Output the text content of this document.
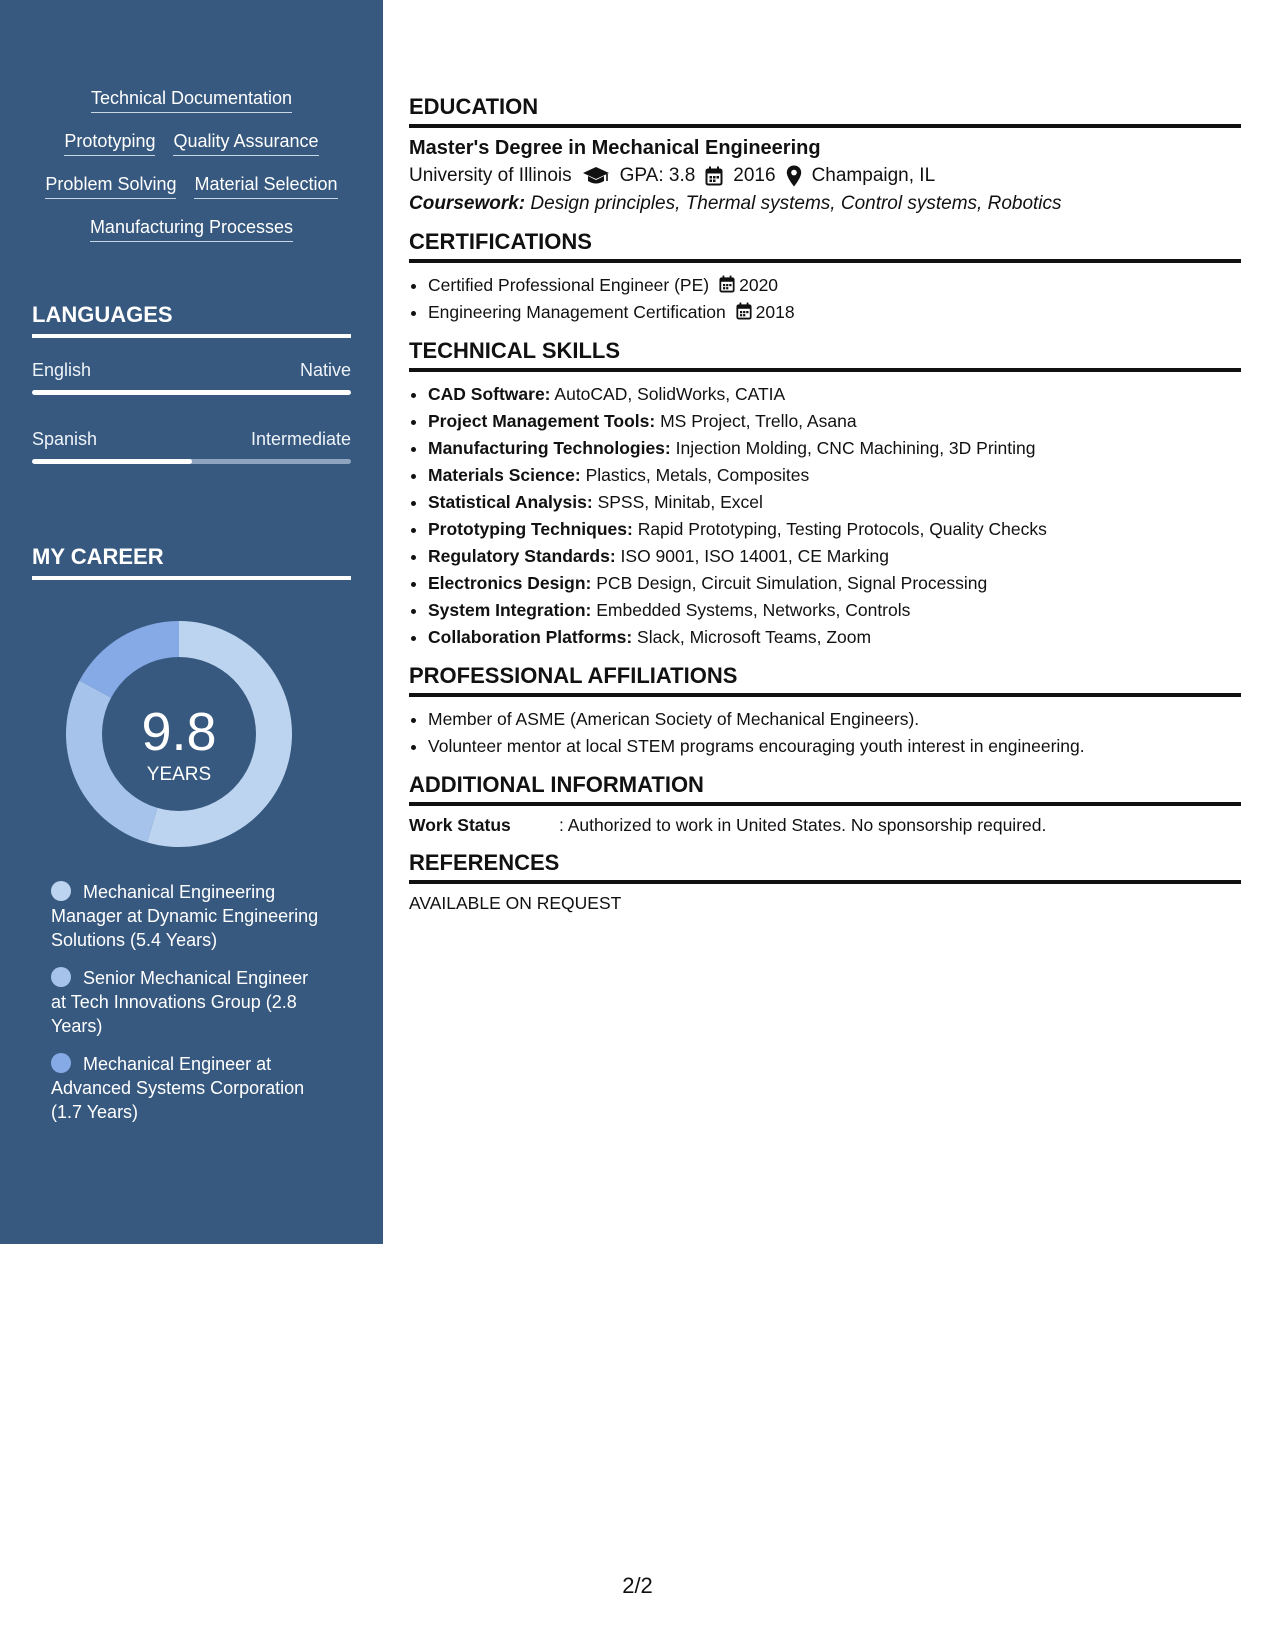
Technical Documentation
Prototyping Quality Assurance
Problem Solving Material Selection
Manufacturing Processes
LANGUAGES
English	Native
Spanish	Intermediate
MY CAREER
9.8
YEARS
Mechanical Engineering Manager at Dynamic Engineering Solutions (5.4 Years)
Senior Mechanical Engineer at Tech Innovations Group (2.8 Years)
Mechanical Engineer at Advanced Systems Corporation (1.7 Years)
EDUCATION
Master's Degree in Mechanical Engineering
University of Illinois	GPA: 3.8 2016 Champaign, IL
Coursework: Design principles, Thermal systems, Control systems, Robotics
CERTIFICATIONS
• Certified Professional Engineer (PE) 2020
• Engineering Management Certification 2018
TECHNICAL SKILLS
• CAD Software: AutoCAD, SolidWorks, CATIA
• Project Management Tools: MS Project, Trello, Asana
• Manufacturing Technologies: Injection Molding, CNC Machining, 3D Printing
• Materials Science: Plastics, Metals, Composites
• Statistical Analysis: SPSS, Minitab, Excel
• Prototyping Techniques: Rapid Prototyping, Testing Protocols, Quality Checks
• Regulatory Standards: ISO 9001, ISO 14001, CE Marking
• Electronics Design: PCB Design, Circuit Simulation, Signal Processing
• System Integration: Embedded Systems, Networks, Controls
• Collaboration Platforms: Slack, Microsoft Teams, Zoom
PROFESSIONAL AFFILIATIONS
• Member of ASME (American Society of Mechanical Engineers).
• Volunteer mentor at local STEM programs encouraging youth interest in engineering.
ADDITIONAL INFORMATION
Work Status	: Authorized to work in United States. No sponsorship required.
REFERENCES
AVAILABLE ON REQUEST
2/2
